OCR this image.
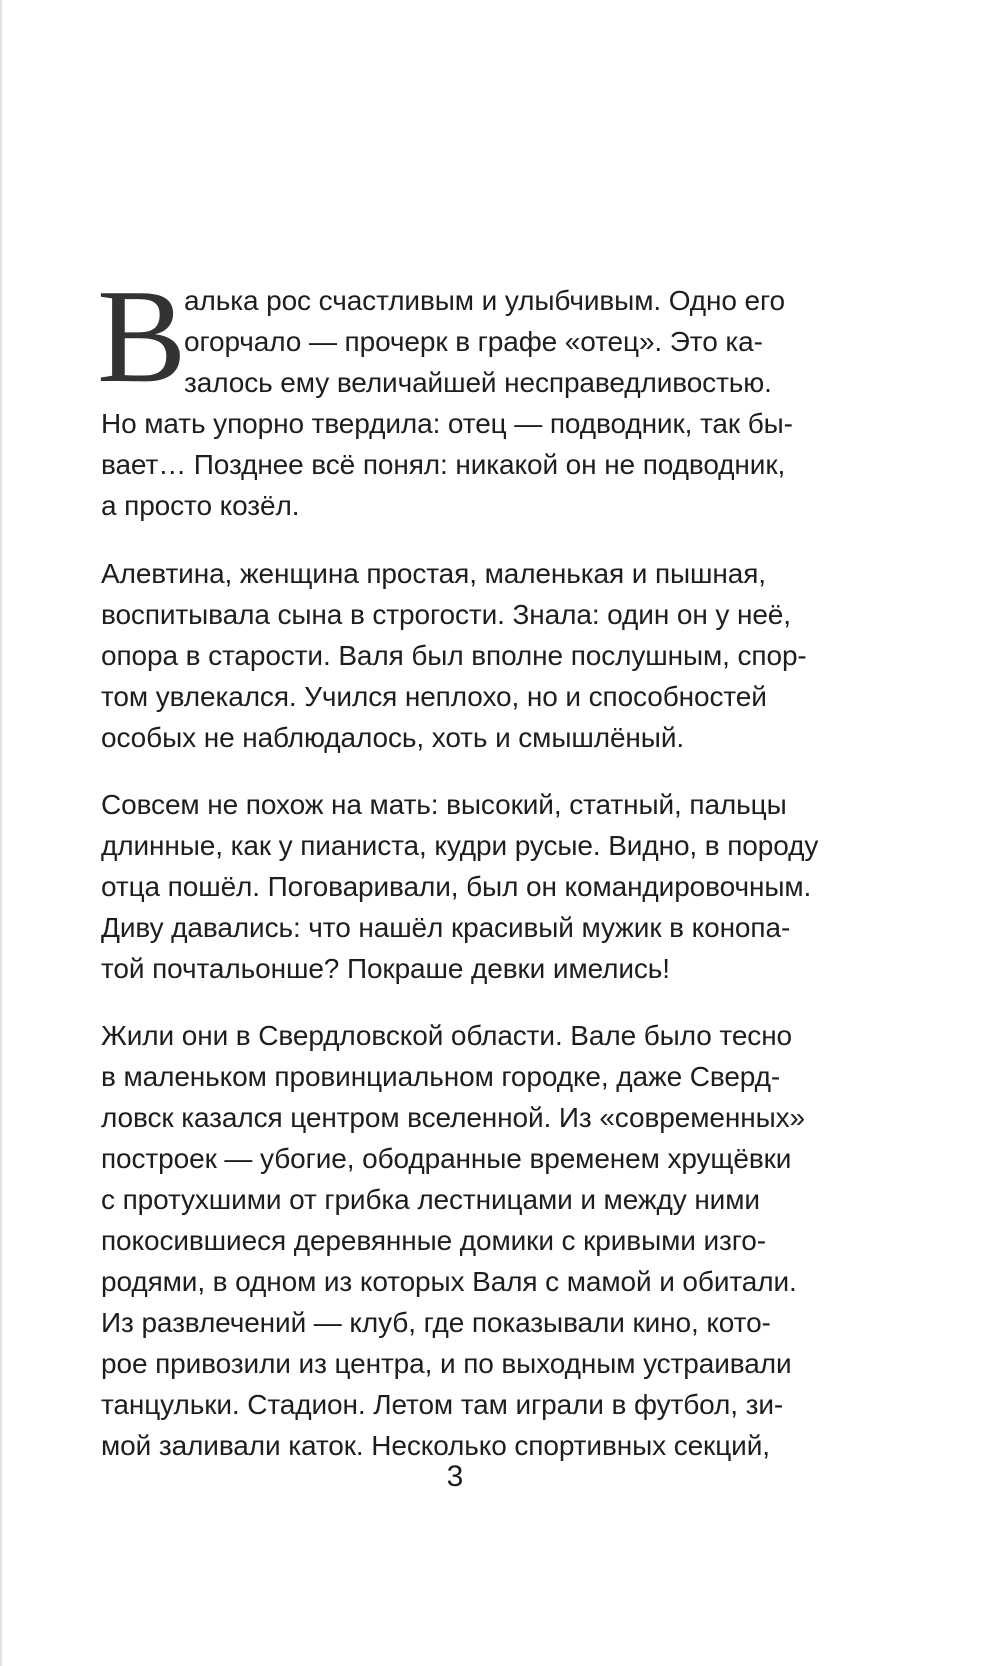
В
алька рос счастливым и улыбчивым. Одно его
огорчало — прочерк в графе «отец». Это ка-
залось ему величайшей несправедливостью.
Но мать упорно твердила: отец — подводник, так бы-
вает… Позднее всё понял: никакой он не подводник,
а просто козёл.
Алевтина, женщина простая, маленькая и пышная,
воспитывала сына в строгости. Знала: один он у неё,
опора в старости. Валя был вполне послушным, спор-
том увлекался. Учился неплохо, но и способностей
особых не наблюдалось, хоть и смышлёный.
Совсем не похож на мать: высокий, статный, пальцы
длинные, как у пианиста, кудри русые. Видно, в породу
отца пошёл. Поговаривали, был он командировочным.
Диву давались: что нашёл красивый мужик в конопа-
той почтальонше? Покраше девки имелись!
Жили они в Свердловской области. Вале было тесно
в маленьком провинциальном городке, даже Сверд-
ловск казался центром вселенной. Из «современных»
построек — убогие, ободранные временем хрущёвки
с протухшими от грибка лестницами и между ними
покосившиеся деревянные домики с кривыми изго-
родями, в одном из которых Валя с мамой и обитали.
Из развлечений — клуб, где показывали кино, кото-
рое привозили из центра, и по выходным устраивали
танцульки. Стадион. Летом там играли в футбол, зи-
мой заливали каток. Несколько спортивных секций,
3
